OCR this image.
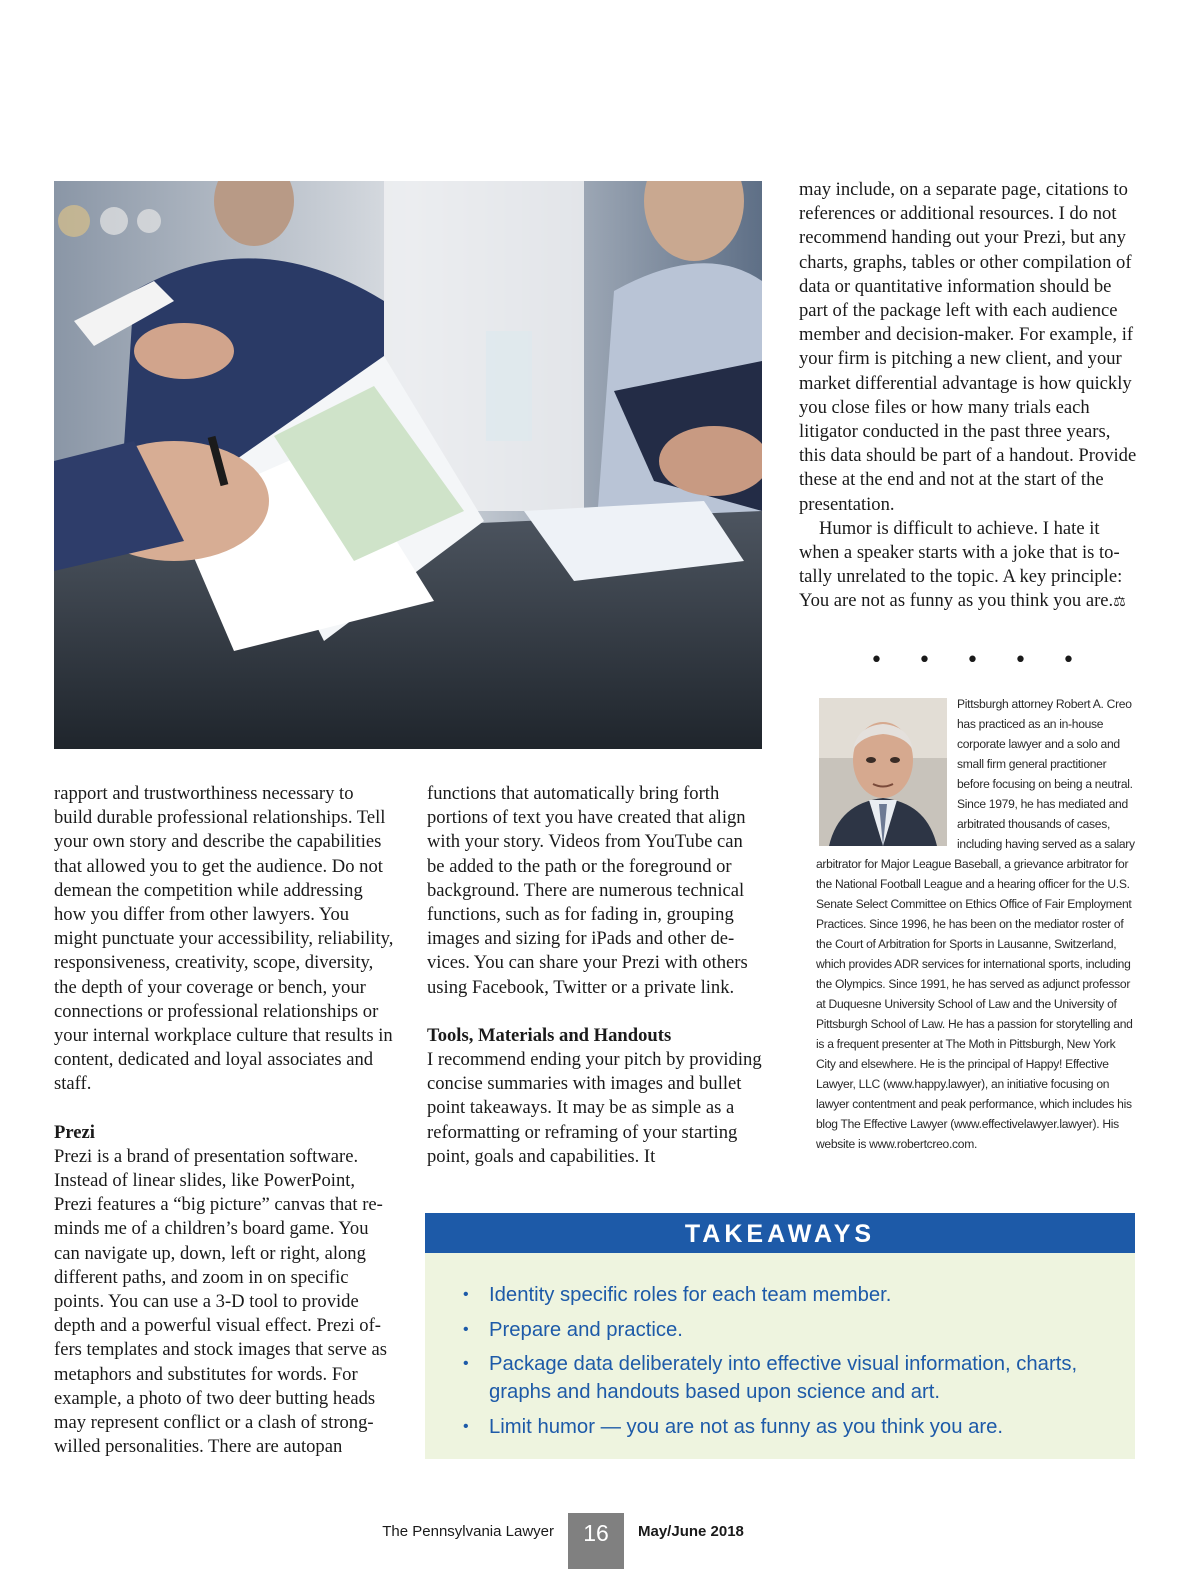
may include, on a separate page, citations to references or additional resources. I do not recommend handing out your Prezi, but any charts, graphs, tables or other compilation of data or quantitative information should be part of the package left with each audience member and decision-maker. For example, if your firm is pitching a new client, and your market differential advantage is how quickly you close files or how many trials each litigator conducted in the past three years, this data should be part of a handout. Provide these at the end and not at the start of the presentation.

Humor is difficult to achieve. I hate it when a speaker starts with a joke that is totally unrelated to the topic. A key principle: You are not as funny as you think you are.⚖

• • • • •

Pittsburgh attorney Robert A. Creo has practiced as an in-house corporate lawyer and a solo and small firm general practitioner before focusing on being a neutral. Since 1979, he has mediated and arbitrated thousands of cases, including having served as a salary arbitrator for Major League Baseball, a grievance arbitrator for the National Football League and a hearing officer for the U.S. Senate Select Committee on Ethics Office of Fair Employment Practices. Since 1996, he has been on the mediator roster of the Court of Arbitration for Sports in Lausanne, Switzerland, which provides ADR services for international sports, including the Olympics. Since 1991, he has served as adjunct professor at Duquesne University School of Law and the University of Pittsburgh School of Law. He has a passion for storytelling and is a frequent presenter at The Moth in Pittsburgh, New York City and elsewhere. He is the principal of Happy! Effective Lawyer, LLC (www.happy.lawyer), an initiative focusing on lawyer contentment and peak performance, which includes his blog The Effective Lawyer (www.effectivelawyer.lawyer). His website is www.robertcreo.com.

rapport and trustworthiness necessary to build durable professional relationships. Tell your own story and describe the capabilities that allowed you to get the audience. Do not demean the competition while addressing how you differ from other lawyers. You might punctuate your accessibility, reliability, responsiveness, creativity, scope, diversity, the depth of your coverage or bench, your connections or professional relationships or your internal workplace culture that results in content, dedicated and loyal associates and staff.

Prezi

Prezi is a brand of presentation software. Instead of linear slides, like PowerPoint, Prezi features a “big picture” canvas that reminds me of a children’s board game. You can navigate up, down, left or right, along different paths, and zoom in on specific points. You can use a 3-D tool to provide depth and a powerful visual effect. Prezi offers templates and stock images that serve as metaphors and substitutes for words. For example, a photo of two deer butting heads may represent conflict or a clash of strong-willed personalities. There are autopan

functions that automatically bring forth portions of text you have created that align with your story. Videos from YouTube can be added to the path or the foreground or background. There are numerous technical functions, such as for fading in, grouping images and sizing for iPads and other devices. You can share your Prezi with others using Facebook, Twitter or a private link.

Tools, Materials and Handouts

I recommend ending your pitch by providing concise summaries with images and bullet point takeaways. It may be as simple as a reformatting or reframing of your starting point, goals and capabilities. It

TAKEAWAYS
•	Identity specific roles for each team member.
•	Prepare and practice.
•	Package data deliberately into effective visual information, charts, graphs and handouts based upon science and art.
•	Limit humor — you are not as funny as you think you are.
The Pennsylvania Lawyer	16	May/June 2018
